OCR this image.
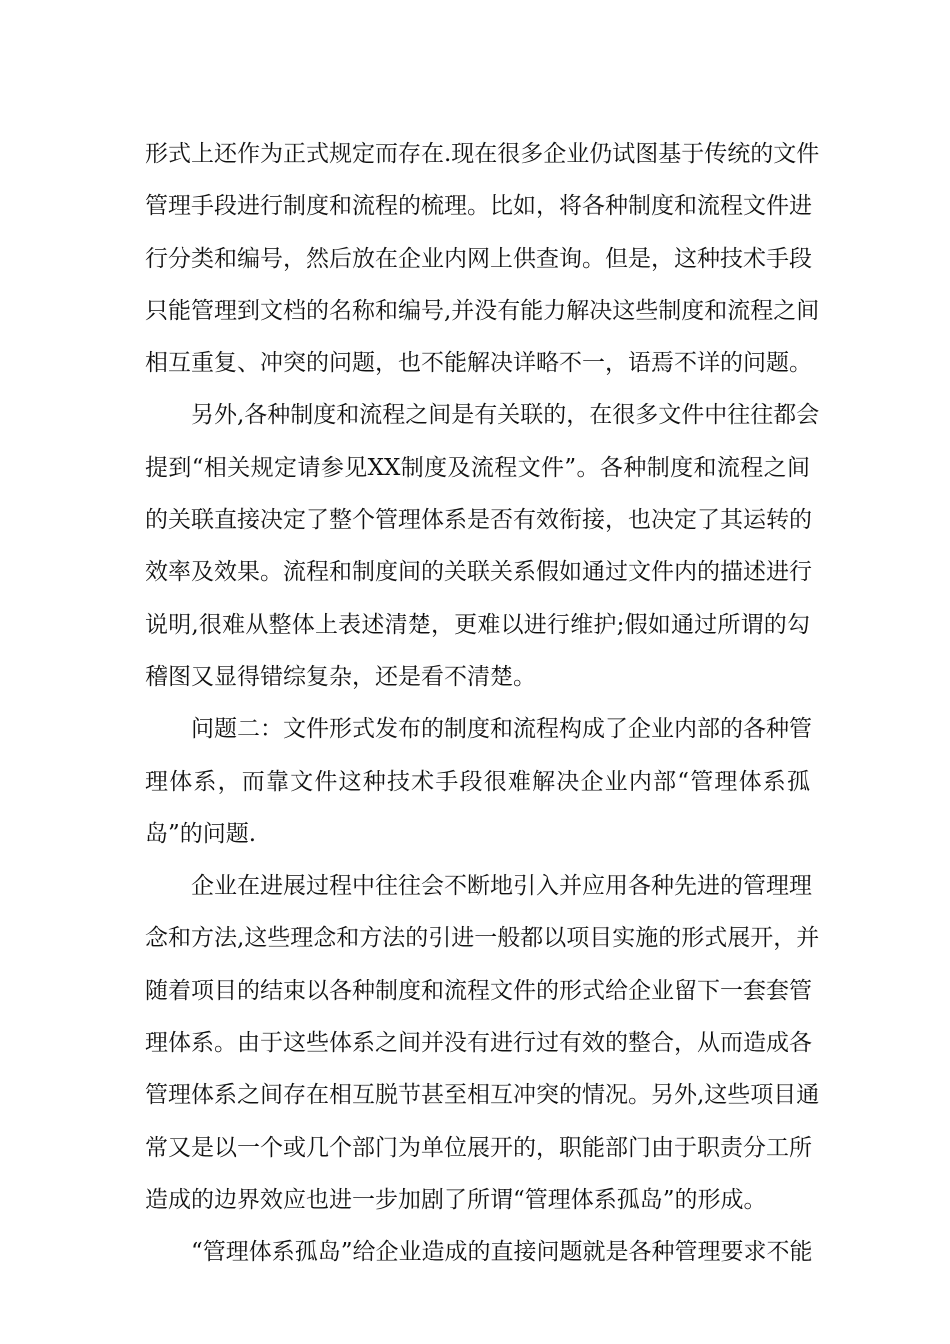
形式上还作为正式规定而存在.现在很多企业仍试图基于传统的文件
管理手段进行制度和流程的梳理。比如，将各种制度和流程文件进
行分类和编号，然后放在企业内网上供查询。但是，这种技术手段
只能管理到文档的名称和编号,并没有能力解决这些制度和流程之间
相互重复、冲突的问题，也不能解决详略不一，语焉不详的问题。
另外,各种制度和流程之间是有关联的，在很多文件中往往都会
提到“相关规定请参见XX制度及流程文件”。各种制度和流程之间
的关联直接决定了整个管理体系是否有效衔接，也决定了其运转的
效率及效果。流程和制度间的关联关系假如通过文件内的描述进行
说明,很难从整体上表述清楚，更难以进行维护;假如通过所谓的勾
稽图又显得错综复杂，还是看不清楚。
问题二：文件形式发布的制度和流程构成了企业内部的各种管
理体系，而靠文件这种技术手段很难解决企业内部“管理体系孤
岛”的问题.
企业在进展过程中往往会不断地引入并应用各种先进的管理理
念和方法,这些理念和方法的引进一般都以项目实施的形式展开，并
随着项目的结束以各种制度和流程文件的形式给企业留下一套套管
理体系。由于这些体系之间并没有进行过有效的整合，从而造成各
管理体系之间存在相互脱节甚至相互冲突的情况。另外,这些项目通
常又是以一个或几个部门为单位展开的，职能部门由于职责分工所
造成的边界效应也进一步加剧了所谓“管理体系孤岛”的形成。
“管理体系孤岛”给企业造成的直接问题就是各种管理要求不能
